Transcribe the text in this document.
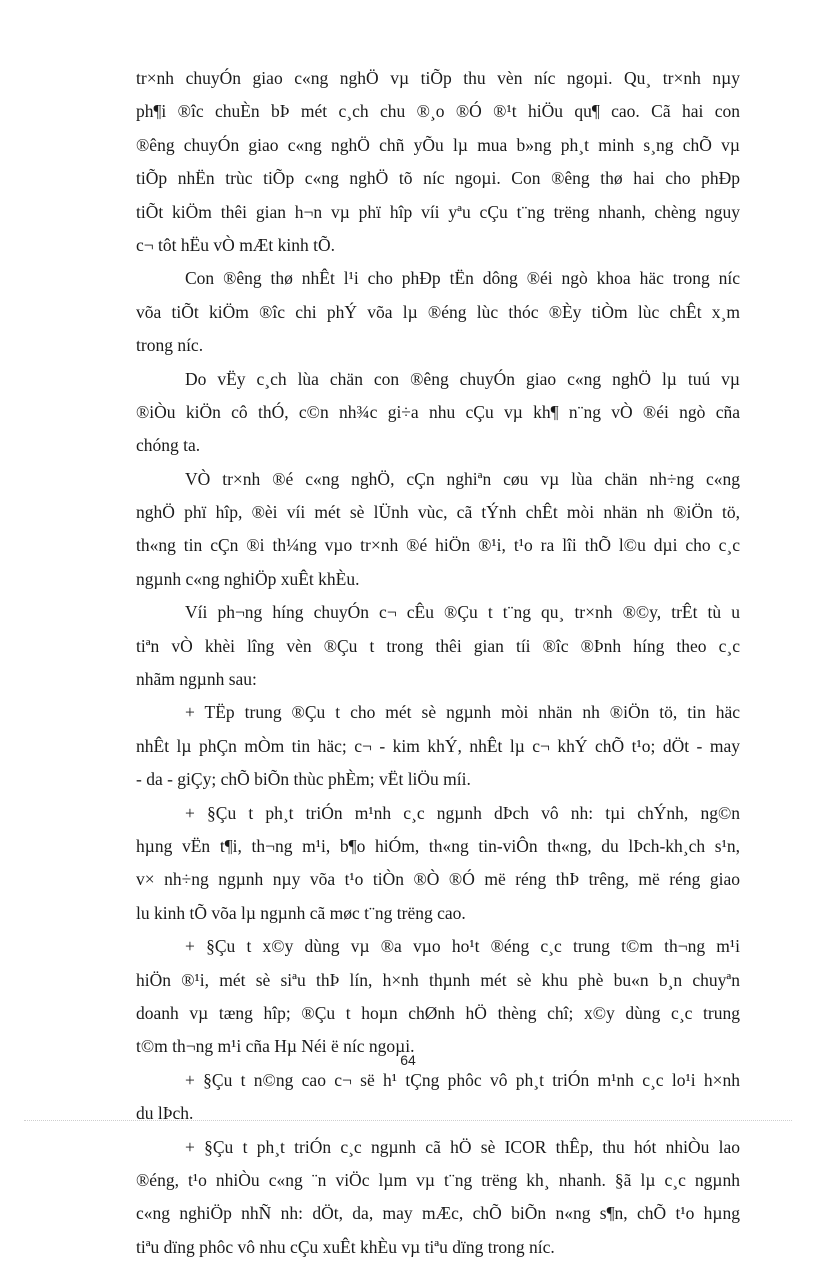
tr×nh chuyÓn giao c«ng nghÖ vµ tiÕp thu vèn níc ngoµi. Qu¸ tr×nh nµy
ph¶i ®îc chuÈn bÞ mét c¸ch chu ®¸o ®Ó ®¹t hiÖu qu¶ cao. Cã hai con
®êng chuyÓn giao c«ng nghÖ chñ yÕu lµ mua b»ng ph¸t minh s¸ng chÕ vµ
tiÕp nhËn trùc tiÕp c«ng nghÖ tõ níc ngoµi. Con ®êng thø hai cho phÐp
tiÕt kiÖm thêi gian h¬n vµ phï hîp víi yªu cÇu t¨ng trëng nhanh, chèng nguy
c¬ tôt hËu vÒ mÆt kinh tÕ.
Con ®êng thø nhÊt l¹i cho phÐp tËn dông ®éi ngò khoa häc trong níc
võa tiÕt kiÖm ®îc chi phÝ võa lµ ®éng lùc thóc ®Èy tiÒm lùc chÊt x¸m
trong níc.
Do vËy c¸ch lùa chän con ®êng chuyÓn giao c«ng nghÖ lµ tuú vµ
®iÒu kiÖn cô thÓ, c©n nh¾c gi÷a nhu cÇu vµ kh¶ n¨ng vÒ ®éi ngò cña
chóng ta.
VÒ tr×nh ®é c«ng nghÖ, cÇn nghiªn cøu vµ lùa chän nh÷ng c«ng
nghÖ phï hîp, ®èi víi mét sè lÜnh vùc, cã tÝnh chÊt mòi nhän nh ®iÖn tö,
th«ng tin cÇn ®i th¼ng vµo tr×nh ®é hiÖn ®¹i, t¹o ra lîi thÕ l©u dµi cho c¸c
ngµnh c«ng nghiÖp xuÊt khÈu.
Víi ph¬ng híng chuyÓn c¬ cÊu ®Çu t t¨ng qu¸ tr×nh ®©y, trÊt tù u
tiªn vÒ khèi lîng vèn ®Çu t trong thêi gian tíi ®îc ®Þnh híng theo c¸c
nhãm ngµnh sau:
+ TËp trung ®Çu t cho mét sè ngµnh mòi nhän nh ®iÖn tö, tin häc
nhÊt lµ phÇn mÒm tin häc; c¬ - kim khÝ, nhÊt lµ c¬ khÝ chÕ t¹o; dÖt - may
- da - giÇy; chÕ biÕn thùc phÈm; vËt liÖu míi.
+ §Çu t ph¸t triÓn m¹nh c¸c ngµnh dÞch vô nh: tµi chÝnh, ng©n
hµng vËn t¶i, th¬ng m¹i, b¶o hiÓm, th«ng tin-viÔn th«ng, du lÞch-kh¸ch s¹n,
v× nh÷ng ngµnh nµy võa t¹o tiÒn ®Ò ®Ó më réng thÞ trêng, më réng giao
lu kinh tÕ võa lµ ngµnh cã møc t¨ng trëng cao.
+ §Çu t x©y dùng vµ ®a vµo ho¹t ®éng c¸c trung t©m th¬ng m¹i
hiÖn ®¹i, mét sè siªu thÞ lín, h×nh thµnh mét sè khu phè bu«n b¸n chuyªn
doanh vµ tæng hîp; ®Çu t hoµn chØnh hÖ thèng chî; x©y dùng c¸c trung
t©m th¬ng m¹i cña Hµ Néi ë níc ngoµi.
+ §Çu t n©ng cao c¬ së h¹ tÇng phôc vô ph¸t triÓn m¹nh c¸c lo¹i h×nh
du lÞch.
+ §Çu t ph¸t triÓn c¸c ngµnh cã hÖ sè ICOR thÊp, thu hót nhiÒu lao
®éng, t¹o nhiÒu c«ng ¨n viÖc lµm vµ t¨ng trëng kh¸ nhanh. §ã lµ c¸c ngµnh
c«ng nghiÖp nhÑ nh: dÖt, da, may mÆc, chÕ biÕn n«ng s¶n, chÕ t¹o hµng
tiªu dïng phôc vô nhu cÇu xuÊt khÈu vµ tiªu dïng trong níc.
64
